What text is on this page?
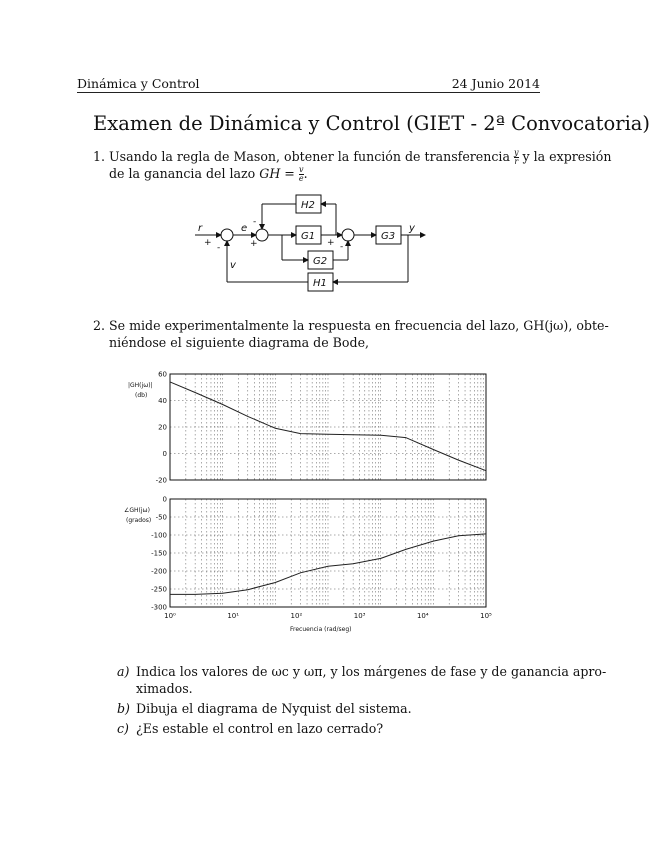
Dinámica y Control	24 Junio 2014
Examen de Dinámica y Control (GIET - 2ª Convocatoria)
1. Usando la regla de Mason, obtener la función de transferencia $\frac{y}{r}$ y la expresión
de la ganancia del lazo GH = $\frac{v}{e}$ .
H2
G1
G2
G3
H1
r	e	y
v
+ -
-
+	+ -
2. Se mide experimentalmente la respuesta en frecuencia del lazo, GH(jω), obte-
niéndose el siguiente diagrama de Bode,
60
40
20
0
-20
0
-50
-100
-150
-200
-250
-300
10⁰	10¹	10²	10³	10⁴	10⁵
|GH(jω)|
(db)
∠GH(jω)
(grados)
Frecuencia (rad/seg)
a) Indica los valores de ωc y ωπ, y los márgenes de fase y de ganancia apro-
ximados.
b) Dibuja el diagrama de Nyquist del sistema.
c) ¿Es estable el control en lazo cerrado?
